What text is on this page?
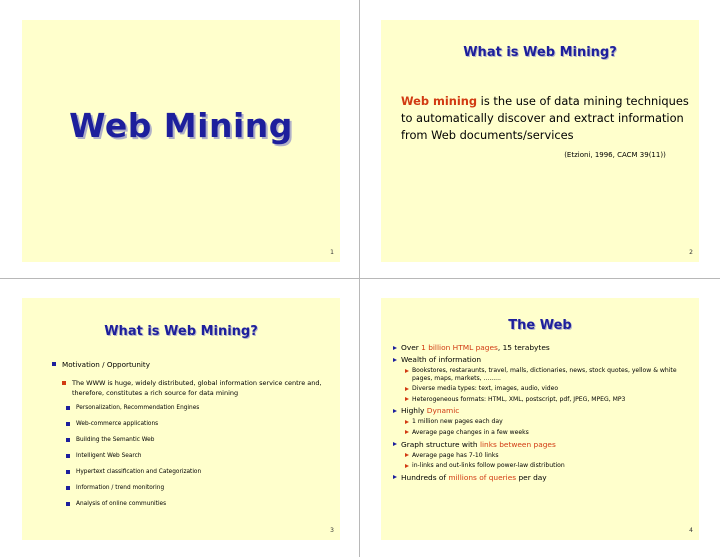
Web Mining
1
What is Web Mining?
Web mining is the use of data mining techniques to automatically discover and extract information from Web documents/services
(Etzioni, 1996, CACM 39(11))
2
What is Web Mining?
Motivation / Opportunity
The WWW is huge, widely distributed, global information service centre and, therefore, constitutes a rich source for data mining
Personalization, Recommendation Engines
Web-commerce applications
Building the Semantic Web
Intelligent Web Search
Hypertext classification and Categorization
Information / trend monitoring
Analysis of online communities
3
The Web
Over 1 billion HTML pages, 15 terabytes
Wealth of information
Bookstores, restaraunts, travel, malls, dictionaries, news, stock quotes, yellow & white pages, maps, markets, .........
Diverse media types: text, images, audio, video
Heterogeneous formats: HTML, XML, postscript, pdf, JPEG, MPEG, MP3
Highly Dynamic
1 million new pages each day
Average page changes in a few weeks
Graph structure with links between pages
Average page has 7-10 links
in-links and out-links follow power-law distribution
Hundreds of millions of queries per day
4
